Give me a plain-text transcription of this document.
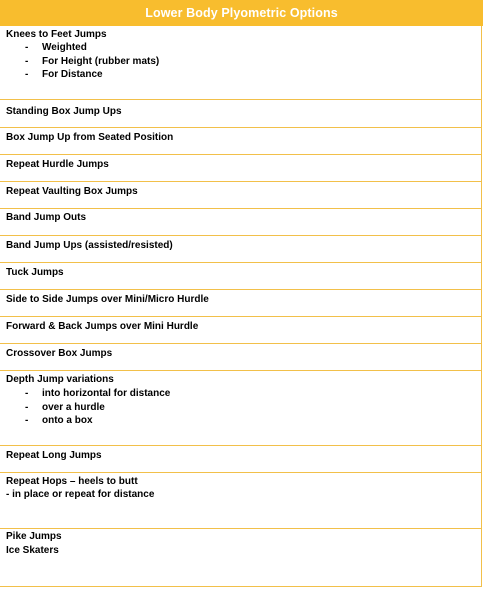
Lower Body Plyometric Options
Knees to Feet Jumps
- Weighted
- For Height (rubber mats)
- For Distance
Standing Box Jump Ups
Box Jump Up from Seated Position
Repeat Hurdle Jumps
Repeat Vaulting Box Jumps
Band Jump Outs
Band Jump Ups (assisted/resisted)
Tuck Jumps
Side to Side Jumps over Mini/Micro Hurdle
Forward & Back Jumps over Mini Hurdle
Crossover Box Jumps
Depth Jump variations
- into horizontal for distance
- over a hurdle
- onto a box
Repeat Long Jumps
Repeat Hops – heels to butt
- in place or repeat for distance
Pike Jumps
Ice Skaters
